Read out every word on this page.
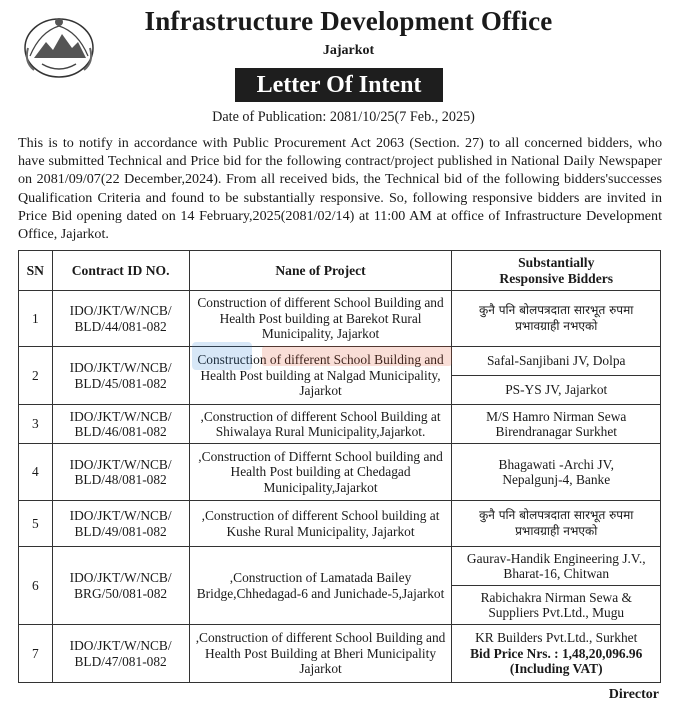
Infrastructure Development Office
Jajarkot
Letter Of Intent
Date of Publication: 2081/10/25(7 Feb., 2025)
This is to notify in accordance with Public Procurement Act 2063 (Section. 27) to all concerned bidders, who have submitted Technical and Price bid for the following contract/project published in National Daily Newspaper on 2081/09/07(22 December,2024). From all received bids, the Technical bid of the following bidders'successes Qualification Criteria and found to be substantially responsive. So, following responsive bidders are invited in Price Bid opening dated on 14 February,2025(2081/02/14) at 11:00 AM at office of Infrastructure Development Office, Jajarkot.
SN	Contract ID NO.	Nane of Project	Substantially
Responsive Bidders
1	IDO/JKT/W/NCB/
BLD/44/081-082	Construction of different School Building and Health Post building at Barekot Rural Municipality, Jajarkot	कुनै पनि बोलपत्रदाता सारभूत रुपमा
प्रभावग्राही नभएको
2	IDO/JKT/W/NCB/
BLD/45/081-082	Construction of different School Building and Health Post building at Nalgad Municipality, Jajarkot	Safal-Sanjibani JV, Dolpa
			PS-YS JV, Jajarkot
3	IDO/JKT/W/NCB/
BLD/46/081-082	,Construction of different School Building at Shiwalaya Rural Municipality,Jajarkot.	M/S Hamro Nirman Sewa
Birendranagar Surkhet
4	IDO/JKT/W/NCB/
BLD/48/081-082	,Construction of Differnt School building and Health Post building at Chedagad Municipality,Jajarkot	Bhagawati -Archi JV,
Nepalgunj-4, Banke
5	IDO/JKT/W/NCB/
BLD/49/081-082	,Construction of different School building at Kushe Rural Municipality, Jajarkot	कुनै पनि बोलपत्रदाता सारभूत रुपमा
प्रभावग्राही नभएको
6	IDO/JKT/W/NCB/
BRG/50/081-082	,Construction of Lamatada Bailey Bridge,Chhedagad-6 and Junichade-5,Jajarkot	Gaurav-Handik Engineering J.V.,
Bharat-16, Chitwan
			Rabichakra Nirman Sewa &
Suppliers Pvt.Ltd., Mugu
7	IDO/JKT/W/NCB/
BLD/47/081-082	,Construction of different School Building and Health Post Building at Bheri Municipality Jajarkot	KR Builders Pvt.Ltd., Surkhet
Bid Price Nrs. : 1,48,20,096.96
(Including VAT)
Director
